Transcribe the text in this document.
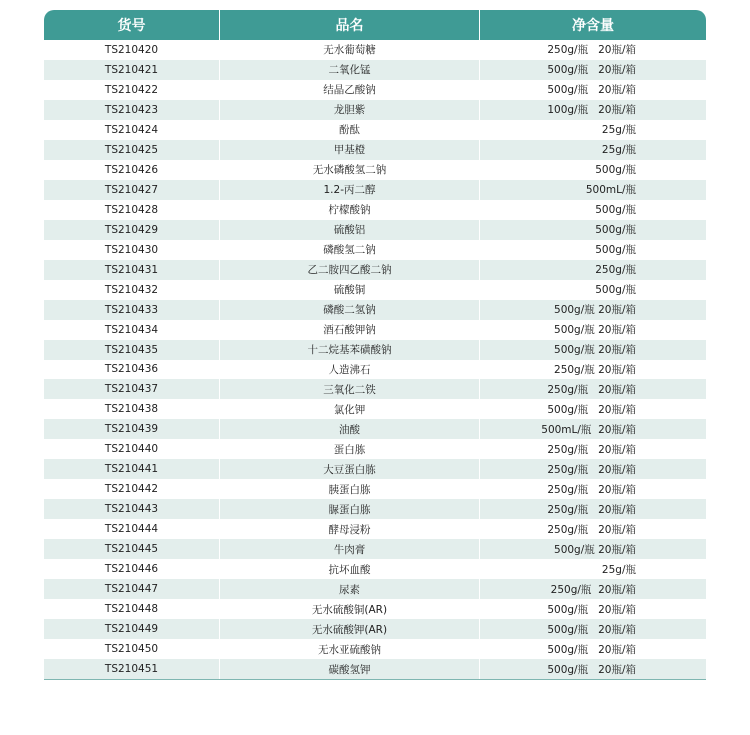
货号	品名	净含量
TS210420	无水葡萄糖	250g/瓶   20瓶/箱
TS210421	二氧化锰	500g/瓶   20瓶/箱
TS210422	结晶乙酸钠	500g/瓶   20瓶/箱
TS210423	龙胆紫	100g/瓶   20瓶/箱
TS210424	酚酞	25g/瓶
TS210425	甲基橙	25g/瓶
TS210426	无水磷酸氢二钠	500g/瓶
TS210427	1.2-丙二醇	500mL/瓶
TS210428	柠檬酸钠	500g/瓶
TS210429	硫酸铝	500g/瓶
TS210430	磷酸氢二钠	500g/瓶
TS210431	乙二胺四乙酸二钠	250g/瓶
TS210432	硫酸铜	500g/瓶
TS210433	磷酸二氢钠	500g/瓶 20瓶/箱
TS210434	酒石酸钾钠	500g/瓶 20瓶/箱
TS210435	十二烷基苯磺酸钠	500g/瓶 20瓶/箱
TS210436	人造沸石	250g/瓶 20瓶/箱
TS210437	三氧化二铁	250g/瓶   20瓶/箱
TS210438	氯化钾	500g/瓶   20瓶/箱
TS210439	油酸	500mL/瓶  20瓶/箱
TS210440	蛋白胨	250g/瓶   20瓶/箱
TS210441	大豆蛋白胨	250g/瓶   20瓶/箱
TS210442	胰蛋白胨	250g/瓶   20瓶/箱
TS210443	脲蛋白胨	250g/瓶   20瓶/箱
TS210444	酵母浸粉	250g/瓶   20瓶/箱
TS210445	牛肉膏	500g/瓶 20瓶/箱
TS210446	抗坏血酸	25g/瓶
TS210447	尿素	250g/瓶  20瓶/箱
TS210448	无水硫酸铜(AR)	500g/瓶   20瓶/箱
TS210449	无水硫酸钾(AR)	500g/瓶   20瓶/箱
TS210450	无水亚硫酸钠	500g/瓶   20瓶/箱
TS210451	碳酸氢钾	500g/瓶   20瓶/箱
